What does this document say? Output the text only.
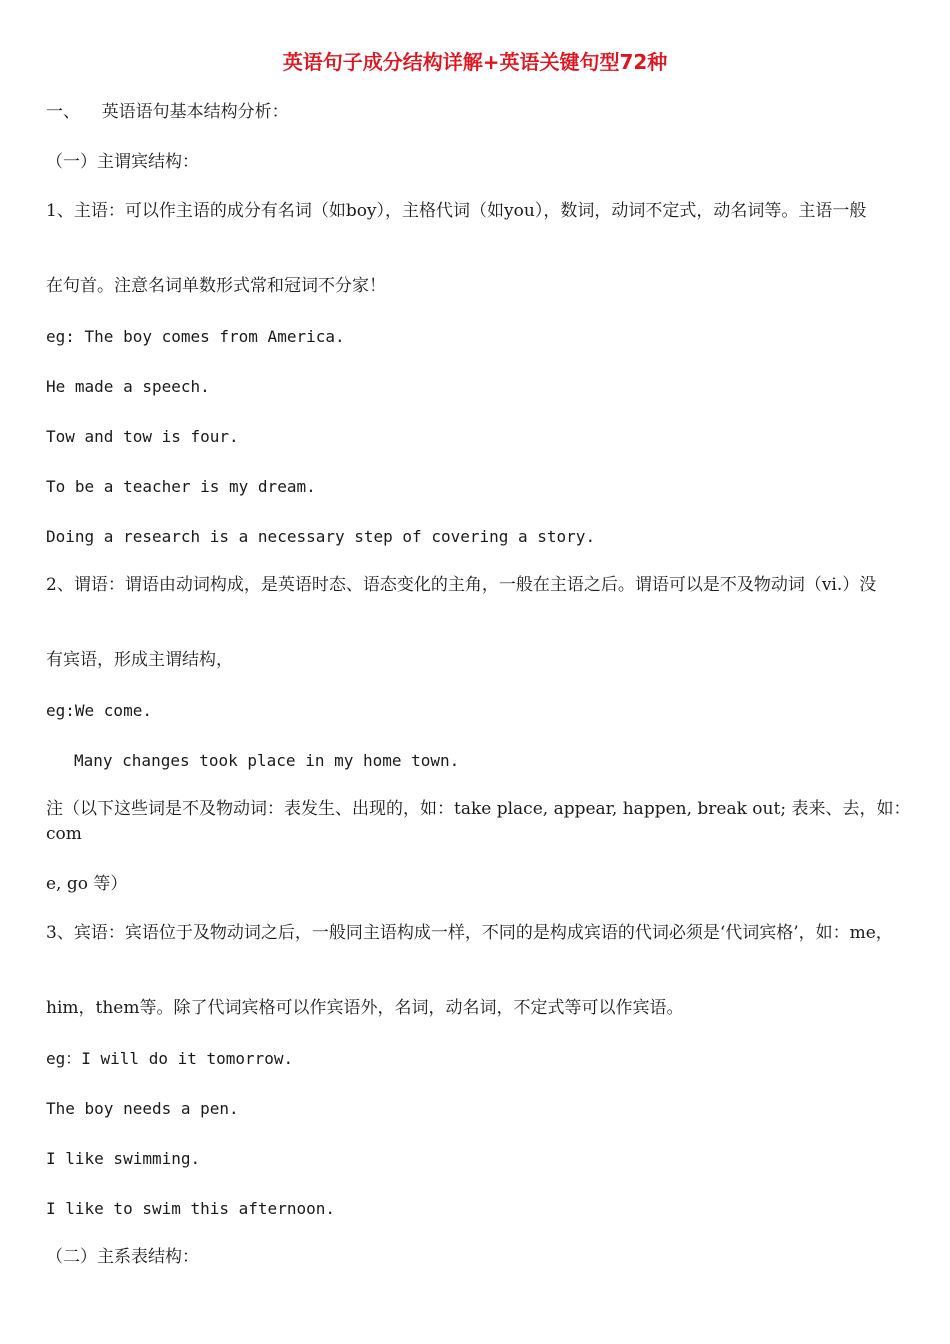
英语句子成分结构详解+英语关键句型72种
一、    英语语句基本结构分析：
（一）主谓宾结构：
1、主语：可以作主语的成分有名词（如boy），主格代词（如you），数词，动词不定式，动名词等。主语一般
在句首。注意名词单数形式常和冠词不分家！
eg: The boy comes from America.
He made a speech.
Tow and tow is four.
To be a teacher is my dream.
Doing a research is a necessary step of covering a story.
2、谓语：谓语由动词构成，是英语时态、语态变化的主角，一般在主语之后。谓语可以是不及物动词（vi.）没
有宾语，形成主谓结构，
eg:We come.
Many changes took place in my home town.
注（以下这些词是不及物动词：表发生、出现的，如：take place, appear, happen, break out; 表来、去，如：com
e, go 等）
3、宾语：宾语位于及物动词之后，一般同主语构成一样，不同的是构成宾语的代词必须是‘代词宾格’，如：me，
him，them等。除了代词宾格可以作宾语外，名词，动名词，不定式等可以作宾语。
eg：I will do it tomorrow.
The boy needs a pen.
I like swimming.
I like to swim this afternoon.
（二）主系表结构：
